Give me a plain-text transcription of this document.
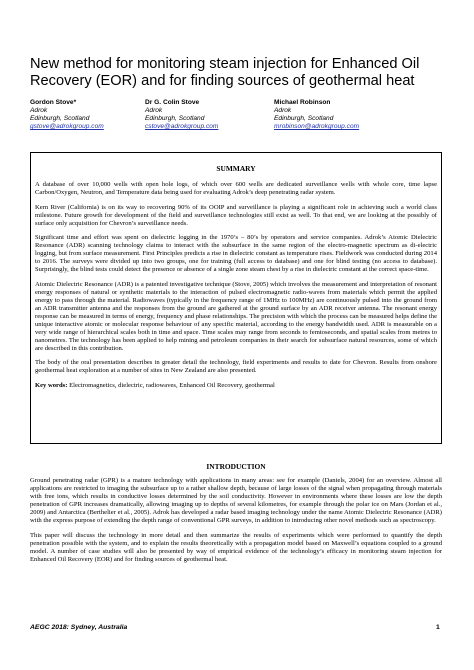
New method for monitoring steam injection for Enhanced Oil Recovery (EOR) and for finding sources of geothermal heat
Gordon Stove*
Adrok
Edinburgh, Scotland
gstove@adrokgroup.com
Dr G. Colin Stove
Adrok
Edinburgh, Scotland
cstove@adrokgroup.com
Michael Robinson
Adrok
Edinburgh, Scotland
mrobinson@adrokgroup.com
SUMMARY

A database of over 10,000 wells with open hole logs, of which over 600 wells are dedicated surveillance wells with whole core, time lapse Carbon/Oxygen, Neutron, and Temperature data being used for evaluating Adrok’s deep penetrating radar system.

Kern River (California) is on its way to recovering 90% of its OOIP and surveillance is playing a significant role in achieving such a world class milestone. Future growth for development of the field and surveillance technologies still exist as well. To that end, we are looking at the possibly of surface only acquisition for Chevron’s surveillance needs.

Significant time and effort was spent on dielectric logging in the 1970’s – 80’s by operators and service companies. Adrok’s Atomic Dielectric Resonance (ADR) scanning technology claims to interact with the subsurface in the same region of the electro-magnetic spectrum as di-electric logging, but from surface measurement. First Principles predicts a rise in dielectric constant as temperature rises. Fieldwork was conducted during 2014 to 2016. The surveys were divided up into two groups, one for training (full access to database) and one for blind testing (no access to database). Surprisingly, the blind tests could detect the presence or absence of a single zone steam chest by a rise in dielectric constant at the correct space-time.

Atomic Dielectric Resonance (ADR) is a patented investigative technique (Stove, 2005) which involves the measurement and interpretation of resonant energy responses of natural or synthetic materials to the interaction of pulsed electromagnetic radio-waves from materials which permit the applied energy to pass through the material. Radiowaves (typically in the frequency range of 1MHz to 100MHz) are continuously pulsed into the ground from an ADR transmitter antenna and the responses from the ground are gathered at the ground surface by an ADR receiver antenna. The resonant energy response can be measured in terms of energy, frequency and phase relationships. The precision with which the process can be measured helps define the unique interactive atomic or molecular response behaviour of any specific material, according to the energy bandwidth used. ADR is measurable on a very wide range of hierarchical scales both in time and space. Time scales may range from seconds to femtoseconds, and spatial scales from metres to nanometres. The technology has been applied to help mining and petroleum companies in their search for subsurface natural resources, some of which are described in this contribution.

The body of the oral presentation describes in greater detail the technology, field experiments and results to date for Chevron. Results from onshore geothermal heat exploration at a number of sites in New Zealand are also presented.

Key words: Electromagnetics, dielectric, radiowaves, Enhanced Oil Recovery, geothermal

INTRODUCTION

Ground penetrating radar (GPR) is a mature technology with applications in many areas: see for example (Daniels, 2004) for an overview. Almost all applications are restricted to imaging the subsurface up to a rather shallow depth, because of large losses of the signal when propagating through materials with free ions, which results in conductive losses determined by the soil conductivity. However in environments where these losses are low the depth penetration of GPR increases dramatically, allowing imaging up to depths of several kilometres, for example through the polar ice on Mars (Jordan et al., 2009) and Antarctica (Berthelier et al., 2005). Adrok has developed a radar based imaging technology under the name Atomic Dielectric Resonance (ADR) with the express purpose of extending the depth range of conventional GPR surveys, in addition to introducing other novel methods such as spectroscopy.

This paper will discuss the technology in more detail and then summarize the results of experiments which were performed to quantify the depth penetration possible with the system, and to explain the results theoretically with a propagation model based on Maxwell’s equations coupled to a ground model. A number of case studies will also be presented by way of empirical evidence of the technology’s efficacy in monitoring steam injection for Enhanced Oil Recovery (EOR) and for finding sources of geothermal heat.

AEGC 2018: Sydney, Australia	1
